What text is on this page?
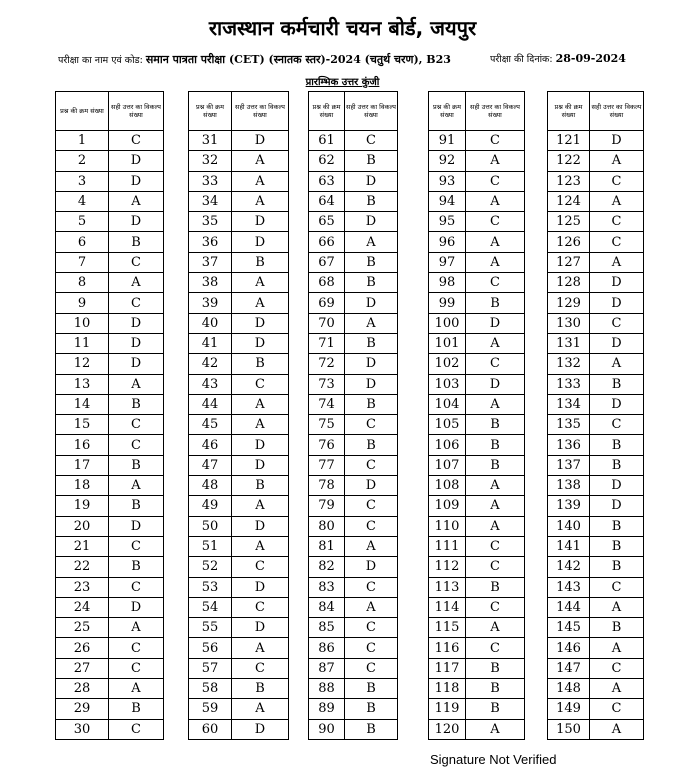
राजस्थान कर्मचारी चयन बोर्ड, जयपुर
परीक्षा का नाम एवं कोड: समान पात्रता परीक्षा (CET) (स्नातक स्तर)-2024 (चतुर्थ चरण), B23	परीक्षा की दिनांक: 28-09-2024
प्रारम्भिक उत्तर कुंजी
प्रश्न की क्रम संख्या	सही उत्तर का विकल्प संख्या
1	C
2	D
3	D
4	A
5	D
6	B
7	C
8	A
9	C
10	D
11	D
12	D
13	A
14	B
15	C
16	C
17	B
18	A
19	B
20	D
21	C
22	B
23	C
24	D
25	A
26	C
27	C
28	A
29	B
30	C
प्रश्न की क्रम संख्या	सही उत्तर का विकल्प संख्या
31	D
32	A
33	A
34	A
35	D
36	D
37	B
38	A
39	A
40	D
41	D
42	B
43	C
44	A
45	A
46	D
47	D
48	B
49	A
50	D
51	A
52	C
53	D
54	C
55	D
56	A
57	C
58	B
59	A
60	D
प्रश्न की क्रम संख्या	सही उत्तर का विकल्प संख्या
61	C
62	B
63	D
64	B
65	D
66	A
67	B
68	B
69	D
70	A
71	B
72	D
73	D
74	B
75	C
76	B
77	C
78	D
79	C
80	C
81	A
82	D
83	C
84	A
85	C
86	C
87	C
88	B
89	B
90	B
प्रश्न की क्रम संख्या	सही उत्तर का विकल्प संख्या
91	C
92	A
93	C
94	A
95	C
96	A
97	A
98	C
99	B
100	D
101	A
102	C
103	D
104	A
105	B
106	B
107	B
108	A
109	A
110	A
111	C
112	C
113	B
114	C
115	A
116	C
117	B
118	B
119	B
120	A
प्रश्न की क्रम संख्या	सही उत्तर का विकल्प संख्या
121	D
122	A
123	C
124	A
125	C
126	C
127	A
128	D
129	D
130	C
131	D
132	A
133	B
134	D
135	C
136	B
137	B
138	D
139	D
140	B
141	B
142	B
143	C
144	A
145	B
146	A
147	C
148	A
149	C
150	A
Signature Not Verified
